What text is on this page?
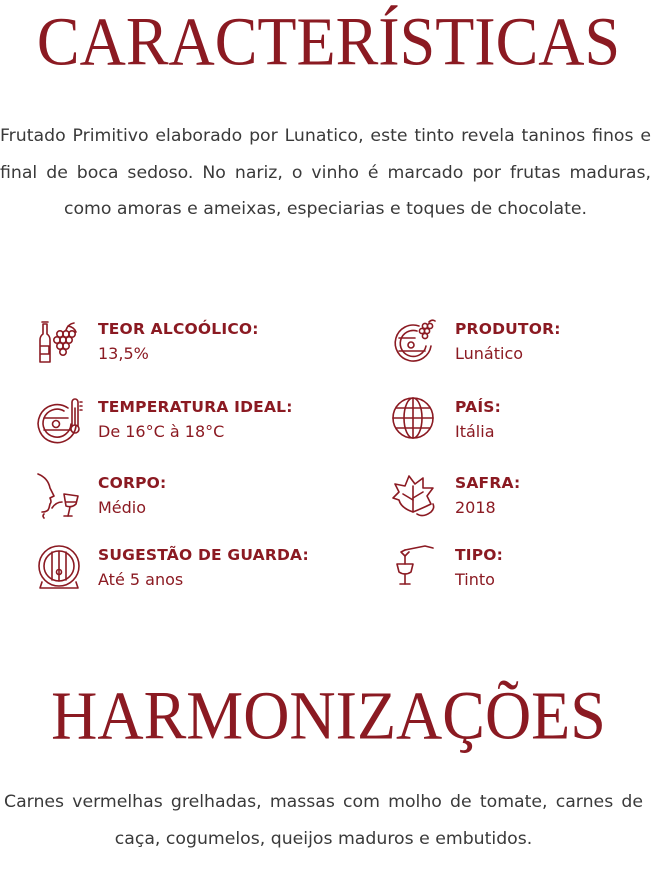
CARACTERÍSTICAS

Frutado Primitivo elaborado por Lunatico, este tinto revela taninos finos e final de boca sedoso. No nariz, o vinho é marcado por frutas maduras, como amoras e ameixas, especiarias e toques de chocolate.

TEOR ALCOÓLICO:
13,5%
TEMPERATURA IDEAL:
De 16°C à 18°C
CORPO:
Médio
SUGESTÃO DE GUARDA:
Até 5 anos
PRODUTOR:
Lunático
PAÍS:
Itália
SAFRA:
2018
TIPO:
Tinto
HARMONIZAÇÕES

Carnes vermelhas grelhadas, massas com molho de tomate, carnes de caça, cogumelos, queijos maduros e embutidos.
